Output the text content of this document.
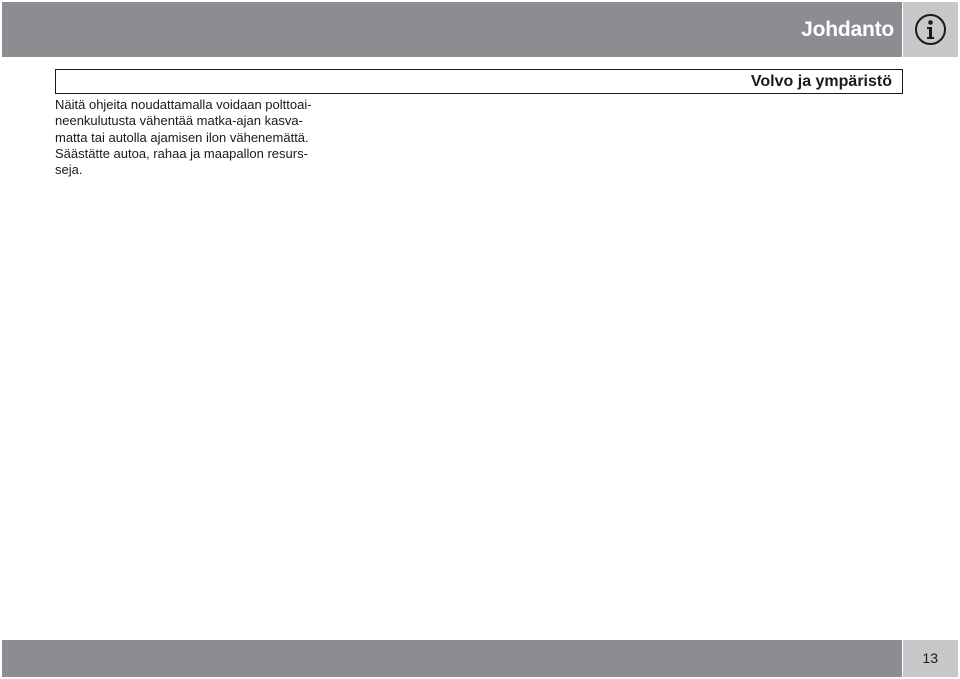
Johdanto
Volvo ja ympäristö

Näitä ohjeita noudattamalla voidaan polttoai-
neenkulutusta vähentää matka-ajan kasva-
matta tai autolla ajamisen ilon vähenemättä.
Säästätte autoa, rahaa ja maapallon resurs-
seja.

13
